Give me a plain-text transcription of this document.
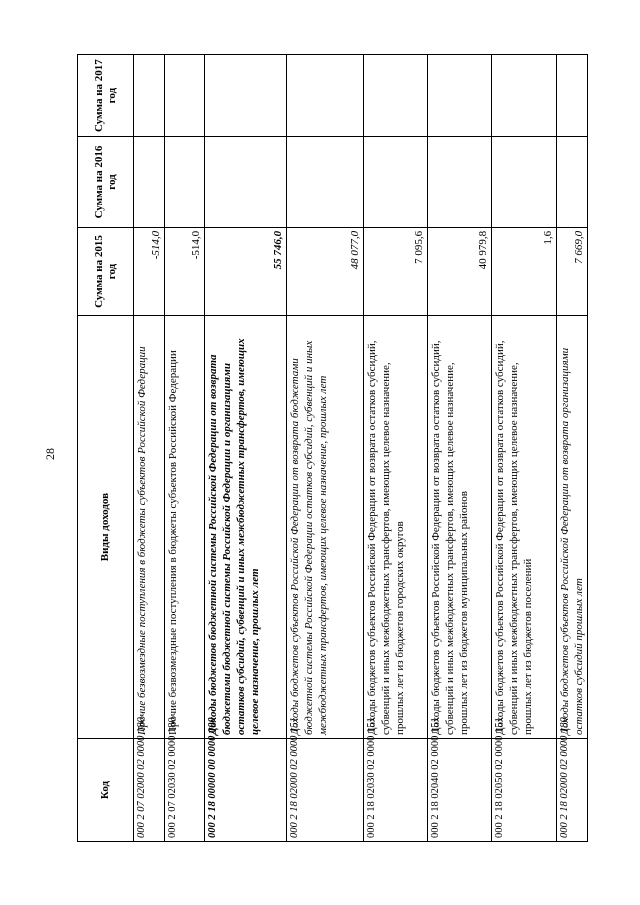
28
Код	Виды доходов	Сумма на 2015 год	Сумма на 2016 год	Сумма на 2017 год
000 2 07 02000 02 0000 180	Прочие безвозмездные поступления в бюджеты субъектов Российской Федерации	-514,0		
000 2 07 02030 02 0000 180	Прочие безвозмездные поступления в бюджеты субъектов Российской Федерации	-514,0		
000 2 18 00000 00 0000 000	Доходы бюджетов бюджетной системы Российской Федерации от возврата бюджетами бюджетной системы Российской Федерации и организациями остатков субсидий, субвенций и иных межбюджетных трансфертов, имеющих целевое назначение, прошлых лет	55 746,0		
000 2 18 02000 02 0000 151	Доходы бюджетов субъектов Российской Федерации от возврата бюджетами бюджетной системы Российской Федерации остатков субсидий, субвенций и иных межбюджетных трансфертов, имеющих целевое назначение, прошлых лет	48 077,0		
000 2 18 02030 02 0000 151	Доходы бюджетов субъектов Российской Федерации от возврата остатков субсидий, субвенций и иных межбюджетных трансфертов, имеющих целевое назначение, прошлых лет из бюджетов городских округов	7 095,6		
000 2 18 02040 02 0000 151	Доходы бюджетов субъектов Российской Федерации от возврата остатков субсидий, субвенций и иных межбюджетных трансфертов, имеющих целевое назначение, прошлых лет из бюджетов муниципальных районов	40 979,8		
000 2 18 02050 02 0000 151	Доходы бюджетов субъектов Российской Федерации от возврата остатков субсидий, субвенций и иных межбюджетных трансфертов, имеющих целевое назначение, прошлых лет из бюджетов поселений	1,6		
000 2 18 02000 02 0000 180	Доходы бюджетов субъектов Российской Федерации от возврата организациями остатков субсидий прошлых лет	7 669,0		
